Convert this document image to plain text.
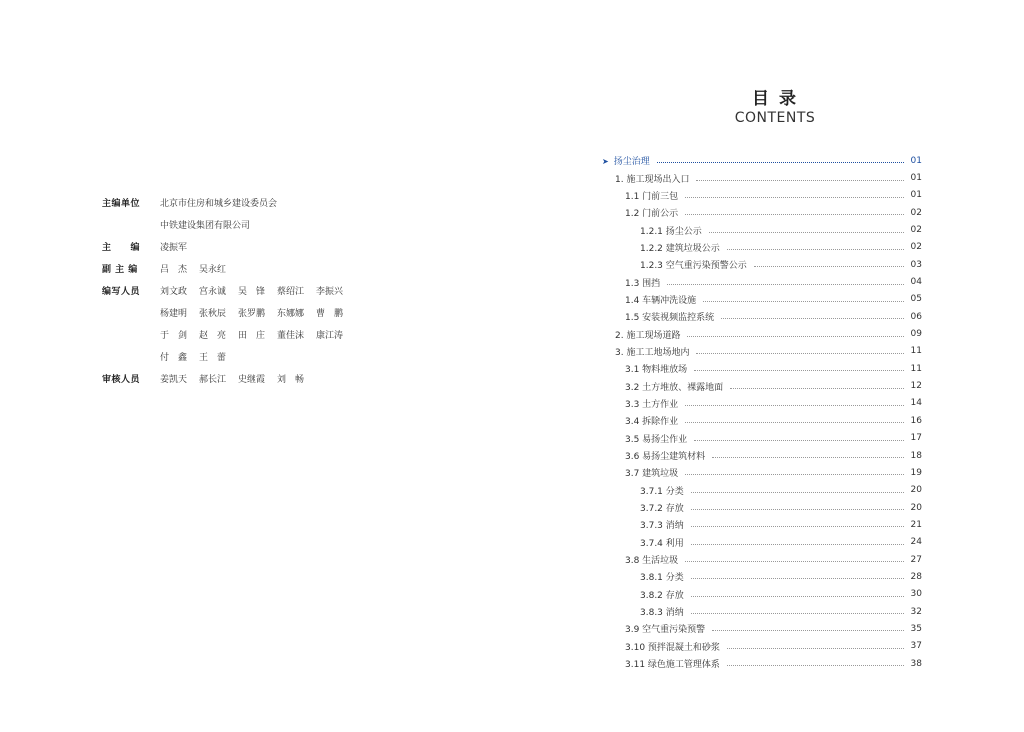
主编单位	北京市住房和城乡建设委员会
中铁建设集团有限公司
主　　编	凌振军
副 主 编	吕　杰	吴永红
编写人员	刘文政	宫永诚	吴　锋	蔡绍江	李振兴
杨建明	张秋辰	张罗鹏	东娜娜	曹　鹏
于　剑	赵　亮	田　庄	董佳沫	康江涛
付　鑫	王　蕾
审核人员	姜凯天	郝长江	史继霞	刘　畅
目 录
CONTENTS
➤ 扬尘治理	01
1. 施工现场出入口	01
1.1 门前三包	01
1.2 门前公示	02
1.2.1 扬尘公示	02
1.2.2 建筑垃圾公示	02
1.2.3 空气重污染预警公示	03
1.3 围挡	04
1.4 车辆冲洗设施	05
1.5 安装视频监控系统	06
2. 施工现场道路	09
3. 施工工地场地内	11
3.1 物料堆放场	11
3.2 土方堆放、裸露地面	12
3.3 土方作业	14
3.4 拆除作业	16
3.5 易扬尘作业	17
3.6 易扬尘建筑材料	18
3.7 建筑垃圾	19
3.7.1 分类	20
3.7.2 存放	20
3.7.3 消纳	21
3.7.4 利用	24
3.8 生活垃圾	27
3.8.1 分类	28
3.8.2 存放	30
3.8.3 消纳	32
3.9 空气重污染预警	35
3.10 预拌混凝土和砂浆	37
3.11 绿色施工管理体系	38
